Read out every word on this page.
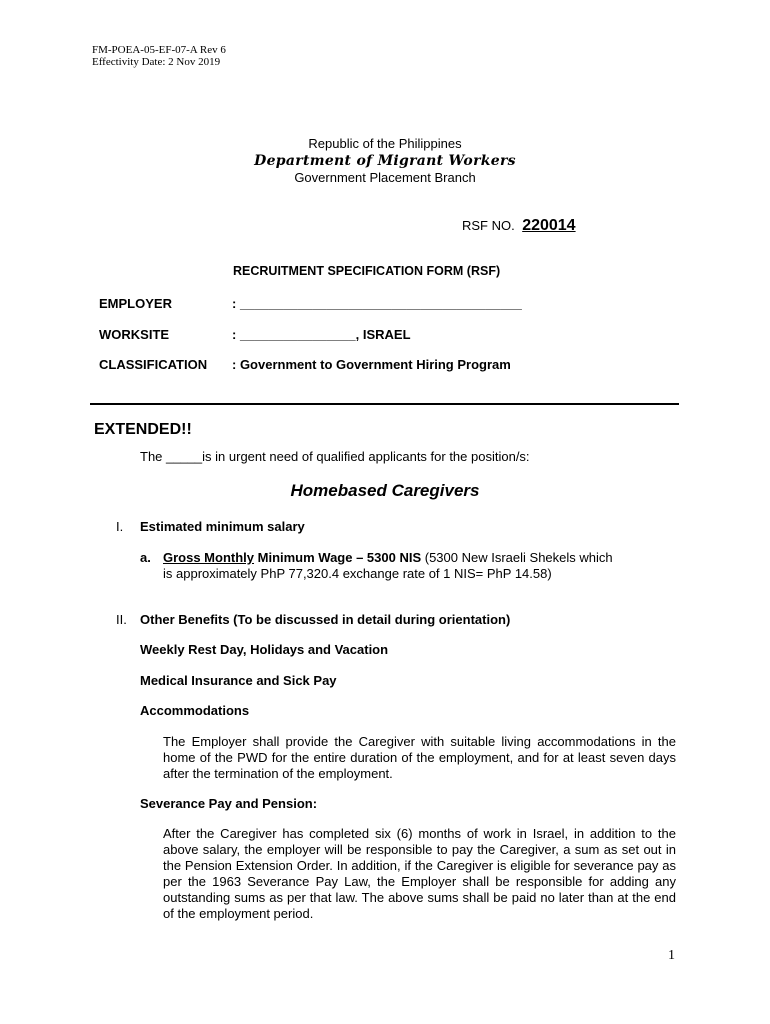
FM-POEA-05-EF-07-A Rev 6
Effectivity Date: 2 Nov 2019
Republic of the Philippines
Department of Migrant Workers
Government Placement Branch
RSF NO. 220014
RECRUITMENT SPECIFICATION FORM (RSF)
EMPLOYER	: _______________________________________
WORKSITE	: ________________, ISRAEL
CLASSIFICATION : Government to Government Hiring Program
EXTENDED!!
The _____is in urgent need of qualified applicants for the position/s:
Homebased Caregivers
I. Estimated minimum salary
a. Gross Monthly Minimum Wage – 5300 NIS (5300 New Israeli Shekels which
is approximately PhP 77,320.4 exchange rate of 1 NIS= PhP 14.58)
II. Other Benefits (To be discussed in detail during orientation)
Weekly Rest Day, Holidays and Vacation
Medical Insurance and Sick Pay
Accommodations
The Employer shall provide the Caregiver with suitable living accommodations in the home of the PWD for the entire duration of the employment, and for at least seven days after the termination of the employment.
Severance Pay and Pension:
After the Caregiver has completed six (6) months of work in Israel, in addition to the above salary, the employer will be responsible to pay the Caregiver, a sum as set out in the Pension Extension Order. In addition, if the Caregiver is eligible for severance pay as per the 1963 Severance Pay Law, the Employer shall be responsible for adding any outstanding sums as per that law. The above sums shall be paid no later than at the end of the employment period.
1
